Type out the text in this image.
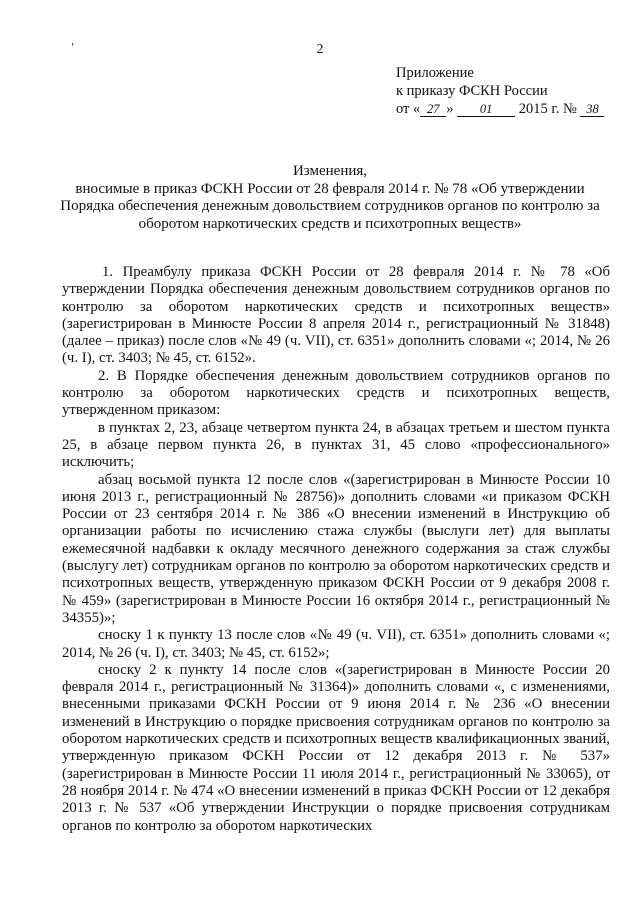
ˌ
2
Приложение
к приказу ФСКН России
от « 27 » 01 2015 г. № 38
Изменения,
вносимые в приказ ФСКН России от 28 февраля 2014 г. № 78 «Об утверждении
Порядка обеспечения денежным довольствием сотрудников органов по контролю за
оборотом наркотических средств и психотропных веществ»

1. Преамбулу приказа ФСКН России от 28 февраля 2014 г. № 78 «Об утверждении Порядка обеспечения денежным довольствием сотрудников органов по контролю за оборотом наркотических средств и психотропных веществ» (зарегистрирован в Минюсте России 8 апреля 2014 г., регистрационный № 31848) (далее – приказ) после слов «№ 49 (ч. VII), ст. 6351» дополнить словами «; 2014, № 26 (ч. I), ст. 3403; № 45, ст. 6152».

2. В Порядке обеспечения денежным довольствием сотрудников органов по контролю за оборотом наркотических средств и психотропных веществ, утвержденном приказом:

в пунктах 2, 23, абзаце четвертом пункта 24, в абзацах третьем и шестом пункта 25, в абзаце первом пункта 26, в пунктах 31, 45 слово «профессионального» исключить;

абзац восьмой пункта 12 после слов «(зарегистрирован в Минюсте России 10 июня 2013 г., регистрационный № 28756)» дополнить словами «и приказом ФСКН России от 23 сентября 2014 г. № 386 «О внесении изменений в Инструкцию об организации работы по исчислению стажа службы (выслуги лет) для выплаты ежемесячной надбавки к окладу месячного денежного содержания за стаж службы (выслугу лет) сотрудникам органов по контролю за оборотом наркотических средств и психотропных веществ, утвержденную приказом ФСКН России от 9 декабря 2008 г. № 459» (зарегистрирован в Минюсте России 16 октября 2014 г., регистрационный № 34355)»;

сноску 1 к пункту 13 после слов «№ 49 (ч. VII), ст. 6351» дополнить словами «; 2014, № 26 (ч. I), ст. 3403; № 45, ст. 6152»;

сноску 2 к пункту 14 после слов «(зарегистрирован в Минюсте России 20 февраля 2014 г., регистрационный № 31364)» дополнить словами «, с изменениями, внесенными приказами ФСКН России от 9 июня 2014 г. № 236 «О внесении изменений в Инструкцию о порядке присвоения сотрудникам органов по контролю за оборотом наркотических средств и психотропных веществ квалификационных званий, утвержденную приказом ФСКН России от 12 декабря 2013 г. № 537» (зарегистрирован в Минюсте России 11 июля 2014 г., регистрационный № 33065), от 28 ноября 2014 г. № 474 «О внесении изменений в приказ ФСКН России от 12 декабря 2013 г. № 537 «Об утверждении Инструкции о порядке присвоения сотрудникам органов по контролю за оборотом наркотических
